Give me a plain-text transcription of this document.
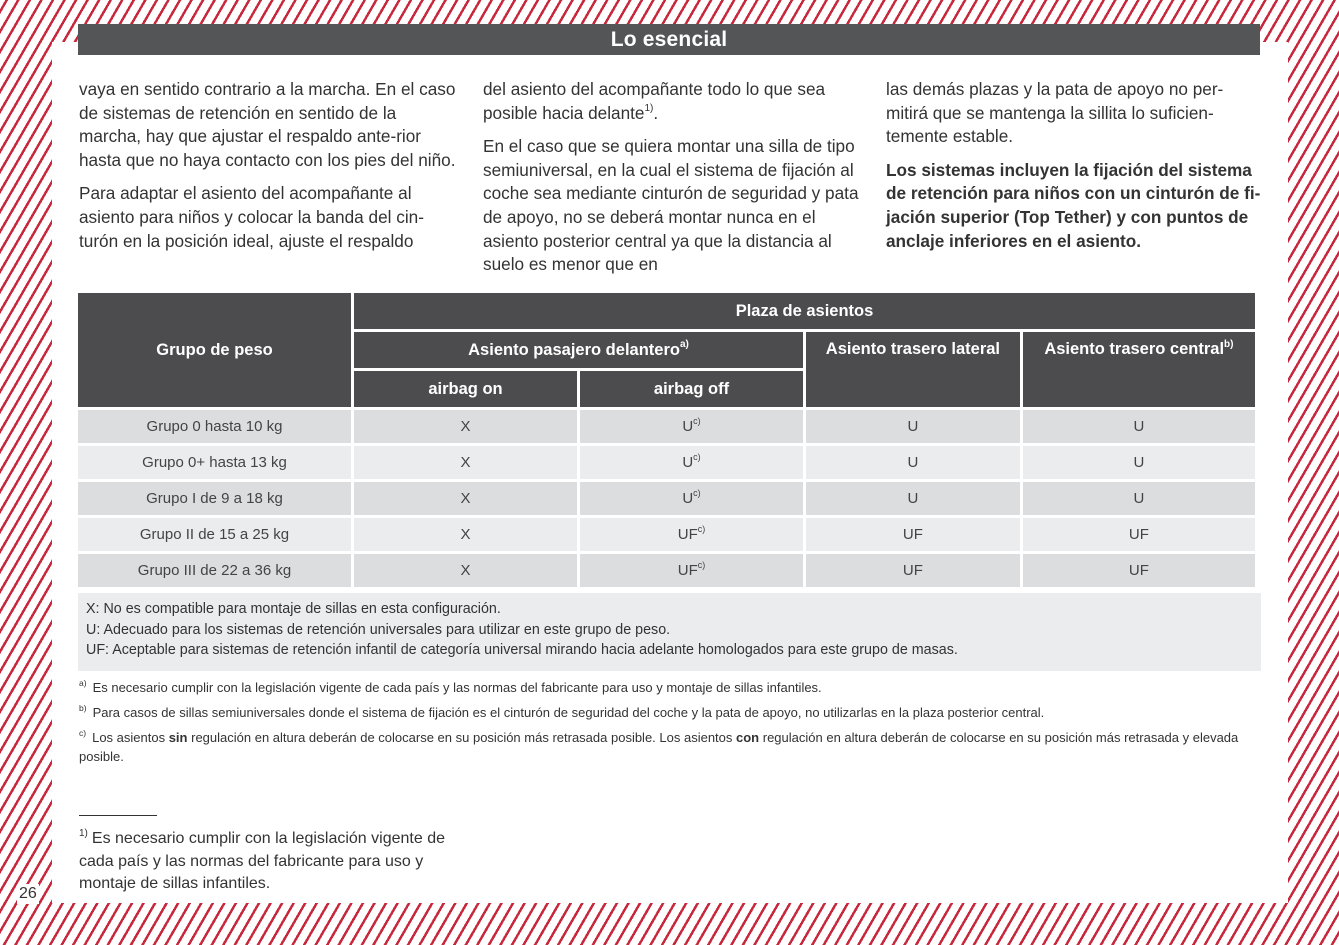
Lo esencial

vaya en sentido contrario a la marcha. En el caso de sistemas de retención en sentido de la marcha, hay que ajustar el respaldo ante-rior hasta que no haya contacto con los pies del niño.

Para adaptar el asiento del acompañante al asiento para niños y colocar la banda del cin-turón en la posición ideal, ajuste el respaldo

del asiento del acompañante todo lo que sea posible hacia delante$^{1)}$.

En el caso que se quiera montar una silla de tipo semiuniversal, en la cual el sistema de fijación al coche sea mediante cinturón de seguridad y pata de apoyo, no se deberá montar nunca en el asiento posterior central ya que la distancia al suelo es menor que en

las demás plazas y la pata de apoyo no per-mitirá que se mantenga la sillita lo suficien-temente estable.

Los sistemas incluyen la fijación del sistema de retención para niños con un cinturón de fi-jación superior (Top Tether) y con puntos de anclaje inferiores en el asiento.

Grupo de peso	Plaza de asientos			
	Asiento pasajero delantero$^{a)}$		Asiento trasero lateral	Asiento trasero central$^{b)}$
	airbag on	airbag off		
Grupo 0 hasta 10 kg	X	$U^{c)}$	U	U
Grupo 0+ hasta 13 kg	X	$U^{c)}$	U	U
Grupo I de 9 a 18 kg	X	$U^{c)}$	U	U
Grupo II de 15 a 25 kg	X	UF$^{c)}$	UF	UF
Grupo III de 22 a 36 kg	X	UF$^{c)}$	UF	UF
X: No es compatible para montaje de sillas en esta configuración.
U: Adecuado para los sistemas de retención universales para utilizar en este grupo de peso.
UF: Aceptable para sistemas de retención infantil de categoría universal mirando hacia adelante homologados para este grupo de masas.

$^{a)}$ Es necesario cumplir con la legislación vigente de cada país y las normas del fabricante para uso y montaje de sillas infantiles.

$^{b)}$ Para casos de sillas semiuniversales donde el sistema de fijación es el cinturón de seguridad del coche y la pata de apoyo, no utilizarlas en la plaza posterior central.

$^{c)}$ Los asientos sin regulación en altura deberán de colocarse en su posición más retrasada posible. Los asientos con regulación en altura deberán de colocarse en su posición más retrasada y elevada posible.

$^{1)}$ Es necesario cumplir con la legislación vigente de cada país y las normas del fabricante para uso y montaje de sillas infantiles.
26
